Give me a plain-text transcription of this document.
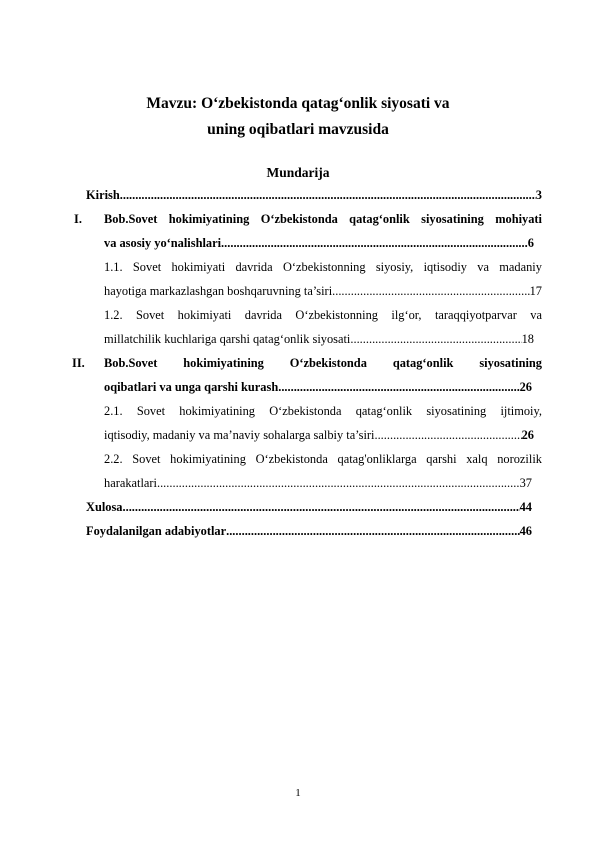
Mavzu: O‘zbekistonda qatag‘onlik siyosati va
uning oqibatlari mavzusida
Mundarija
Kirish .....	3
I. Bob.Sovet hokimiyatining O‘zbekistonda qatag‘onlik siyosatining mohiyati
va asosiy yo‘nalishlari .....	6
1.1. Sovet hokimiyati davrida O‘zbekistonning siyosiy, iqtisodiy va madaniy
hayotiga markazlashgan boshqaruvning ta’siri .....	17
1.2. Sovet hokimiyati davrida O‘zbekistonning ilg‘or, taraqqiyotparvar va
millatchilik kuchlariga qarshi qatag‘onlik siyosati .....	18
II. Bob.Sovet hokimiyatining O‘zbekistonda qatag‘onlik siyosatining
oqibatlari va unga qarshi kurash .....	26
2.1. Sovet hokimiyatining O‘zbekistonda qatag‘onlik siyosatining ijtimoiy,
iqtisodiy, madaniy va ma’naviy sohalarga salbiy ta’siri .....	26
2.2. Sovet hokimiyatining O‘zbekistonda qatag'onliklarga qarshi xalq norozilik
harakatlari .....	37
Xulosa .....	44
Foydalanilgan adabiyotlar .....	46
1
